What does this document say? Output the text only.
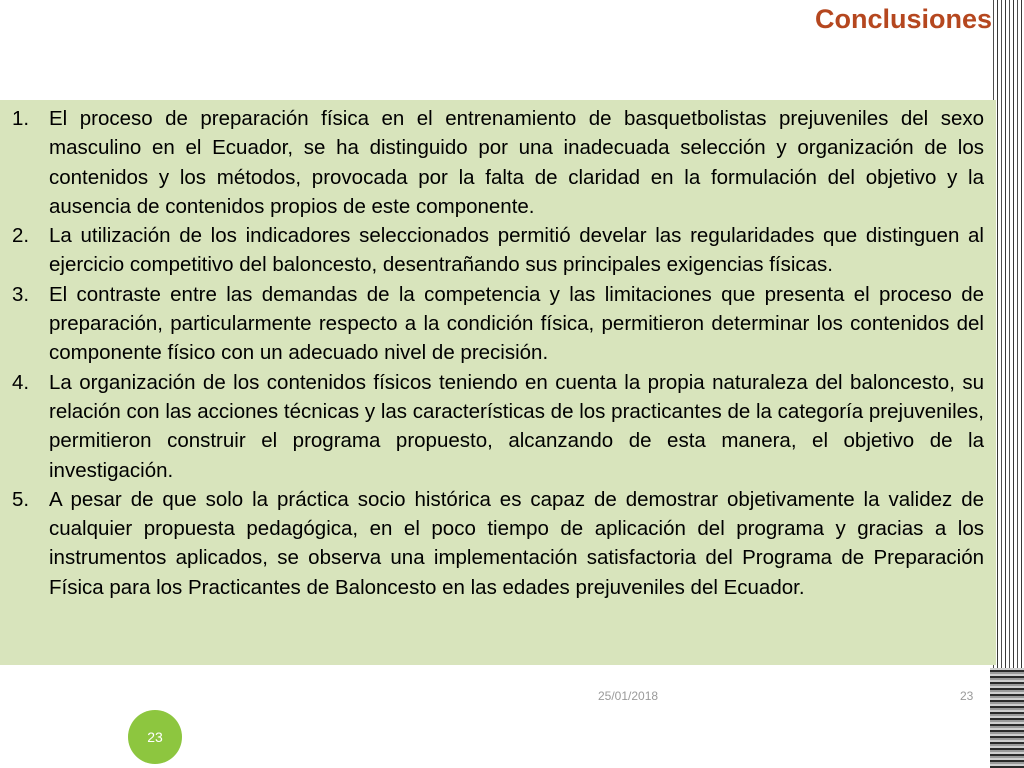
Conclusiones
1. El proceso de preparación física en el entrenamiento de basquetbolistas prejuveniles del sexo masculino en el Ecuador, se ha distinguido por una inadecuada selección y organización de los contenidos y los métodos, provocada por la falta de claridad en la formulación del objetivo y la ausencia de contenidos propios de este componente.
2. La utilización de los indicadores seleccionados permitió develar las regularidades que distinguen al ejercicio competitivo del baloncesto, desentrañando sus principales exigencias físicas.
3. El contraste entre las demandas de la competencia y las limitaciones que presenta el proceso de preparación, particularmente respecto a la condición física, permitieron determinar los contenidos del componente físico con un adecuado nivel de precisión.
4. La organización de los contenidos físicos teniendo en cuenta la propia naturaleza del baloncesto, su relación con las acciones técnicas y las características de los practicantes de la categoría prejuveniles, permitieron construir el programa propuesto, alcanzando de esta manera, el objetivo de la investigación.
5. A pesar de que solo la práctica socio histórica es capaz de demostrar objetivamente la validez de cualquier propuesta pedagógica, en el poco tiempo de aplicación del programa y gracias a los instrumentos aplicados, se observa una implementación satisfactoria del Programa de Preparación Física para los Practicantes de Baloncesto en las edades prejuveniles del Ecuador.
25/01/2018	23
23
